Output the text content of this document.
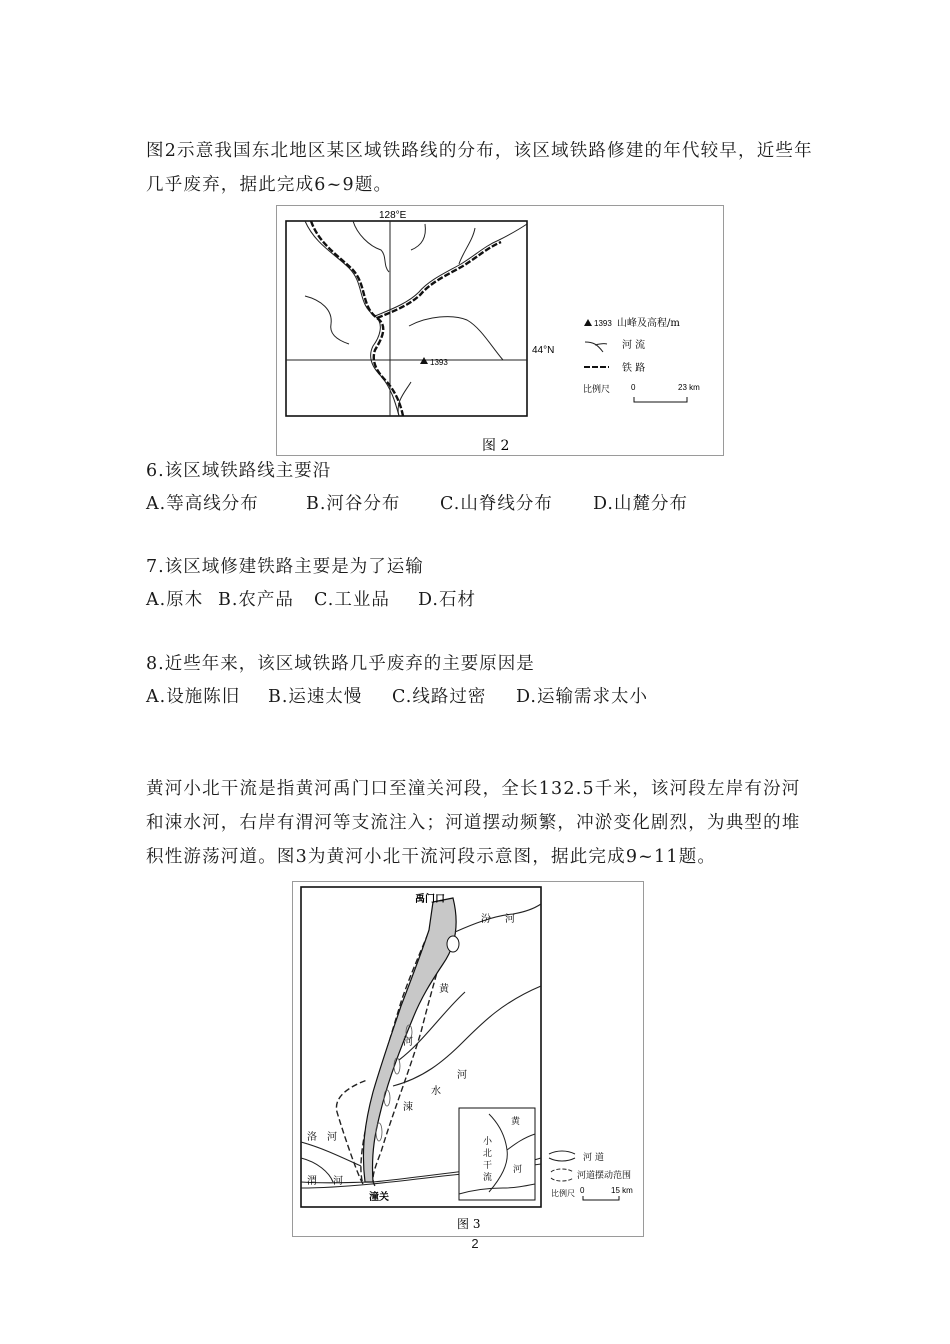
图2示意我国东北地区某区域铁路线的分布，该区域铁路修建的年代较早，近些年几乎废弃，据此完成6~9题。

128°E
44°N
1393
1393 山峰及高程/m
河 流
铁 路
比例尺	0	23 km
图 2

6.该区域铁路线主要沿

A.等高线分布	B.河谷分布 C.山脊线分布 D.山麓分布

7.该区域修建铁路主要是为了运输

A.原木 B.农产品 C.工业品 D.石材

8.近些年来，该区域铁路几乎废弃的主要原因是

A.设施陈旧 B.运速太慢 C.线路过密 D.运输需求太小

黄河小北干流是指黄河禹门口至潼关河段，全长132.5千米，该河段左岸有汾河和涑水河，右岸有渭河等支流注入；河道摆动频繁，冲淤变化剧烈，为典型的堆积性游荡河道。图3为黄河小北干流河段示意图，据此完成9~11题。

禹门口
汾 河
黄
河
涑
水
河
洛 河
渭 河
潼关
小
北
干
流
黄
河
河 道
河道摆动范围
比例尺 0	15 km
图 3
2
